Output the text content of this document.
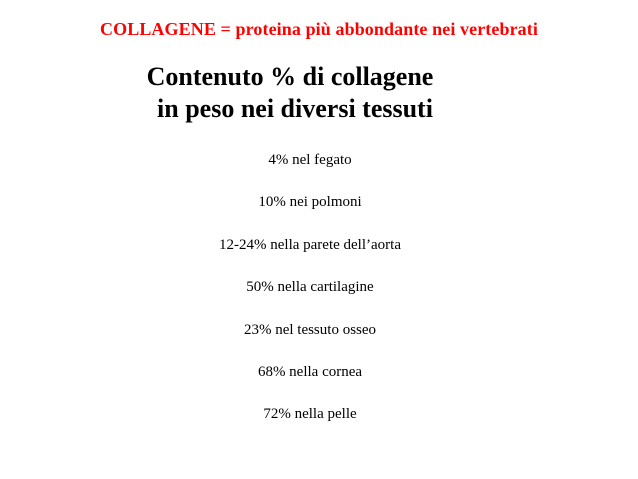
COLLAGENE = proteina più abbondante nei vertebrati
Contenuto % di collagene
in peso nei diversi tessuti
4% nel fegato
10% nei polmoni
12-24% nella parete dell’aorta
50% nella cartilagine
23% nel tessuto osseo
68% nella cornea
72% nella pelle
